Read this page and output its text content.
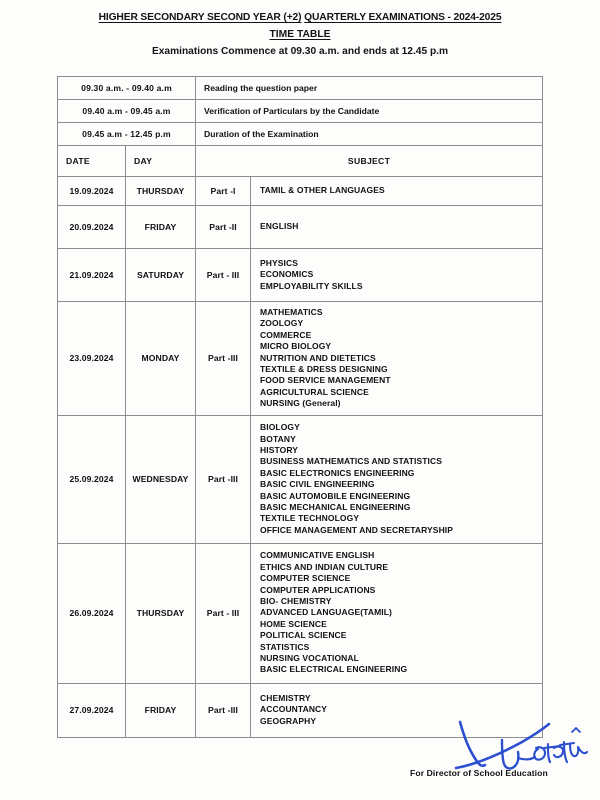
HIGHER SECONDARY SECOND YEAR (+2) QUARTERLY EXAMINATIONS - 2024-2025
TIME TABLE
Examinations Commence at 09.30 a.m. and ends at 12.45 p.m
09.30 a.m. - 09.40 a.m		Reading the question paper	
09.40 a.m - 09.45 a.m		Verification of Particulars by the Candidate	
09.45 a.m - 12.45 p.m		Duration of the Examination	
DATE	DAY	SUBJECT	
19.09.2024	THURSDAY	Part -I	TAMIL & OTHER LANGUAGES

20.09.2024	FRIDAY	Part -II	ENGLISH

21.09.2024	SATURDAY	Part - III	PHYSICS
ECONOMICS
EMPLOYABILITY SKILLS

23.09.2024	MONDAY	Part -III	
MATHEMATICS
ZOOLOGY
COMMERCE
MICRO BIOLOGY
NUTRITION AND DIETETICS
TEXTILE & DRESS DESIGNING
FOOD SERVICE MANAGEMENT
AGRICULTURAL SCIENCE
NURSING (General)

25.09.2024	WEDNESDAY	Part -III	
BIOLOGY
BOTANY
HISTORY
BUSINESS MATHEMATICS AND STATISTICS
BASIC ELECTRONICS ENGINEERING
BASIC CIVIL ENGINEERING
BASIC AUTOMOBILE ENGINEERING
BASIC MECHANICAL ENGINEERING
TEXTILE TECHNOLOGY
OFFICE MANAGEMENT AND SECRETARYSHIP

26.09.2024	THURSDAY	Part - III	
COMMUNICATIVE ENGLISH
ETHICS AND INDIAN CULTURE
COMPUTER SCIENCE
COMPUTER APPLICATIONS
BIO- CHEMISTRY
ADVANCED LANGUAGE(TAMIL)
HOME SCIENCE
POLITICAL SCIENCE
STATISTICS
NURSING VOCATIONAL
BASIC ELECTRICAL ENGINEERING

27.09.2024	FRIDAY	Part -III	CHEMISTRY
ACCOUNTANCY
GEOGRAPHY
For Director of School Education
